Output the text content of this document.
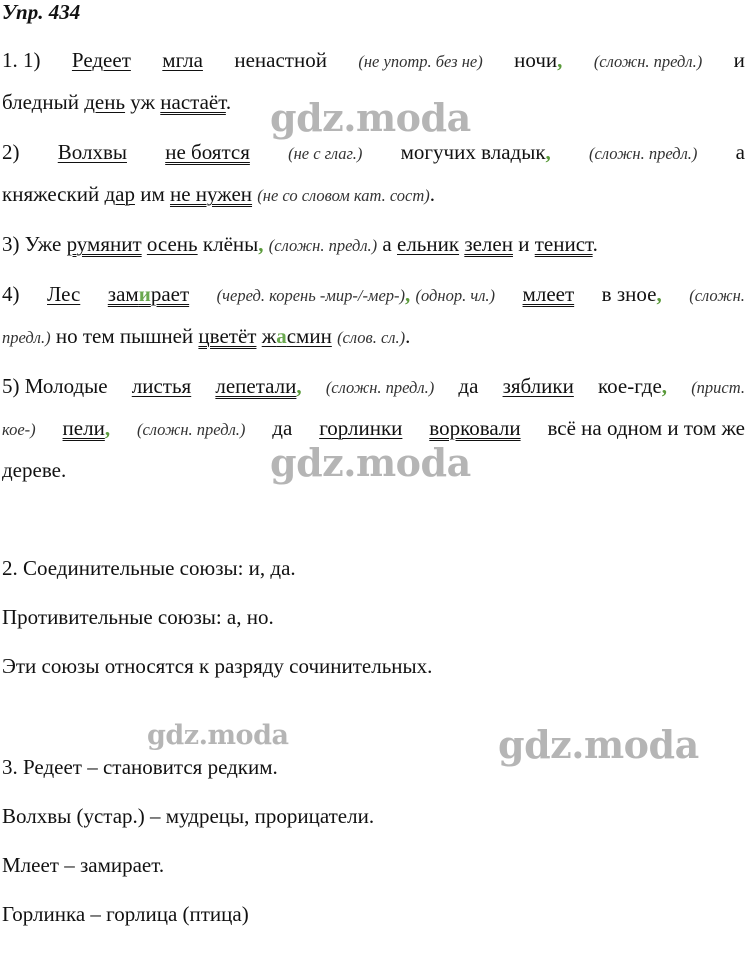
Упр. 434
1. 1) Редеет мгла ненастной (не употр. без не) ночи, (сложн. предл.) и
бледный день уж настаёт.
2) Волхвы не боятся (не с глаг.) могучих владык, (сложн. предл.) а
княжеский дар им не нужен (не со словом кат. сост).
3) Уже румянит осень клёны, (сложн. предл.) а ельник зелен и тенист.
4) Лес замирает (черед. корень -мир-/-мер-), (однор. чл.) млеет в зное, (сложн.
предл.) но тем пышней цветёт жасмин (слов. сл.).
5) Молодые листья лепетали, (сложн. предл.) да зяблики кое-где, (прист.
кое-) пели, (сложн. предл.) да горлинки ворковали всё на одном и том же
дереве.
2. Соединительные союзы: и, да.
Противительные союзы: а, но.
Эти союзы относятся к разряду сочинительных.
3. Редеет – становится редким.
Волхвы (устар.) – мудрецы, прорицатели.
Млеет – замирает.
Горлинка – горлица (птица)
gdz.moda
gdz.moda
gdz.moda	gdz.moda
